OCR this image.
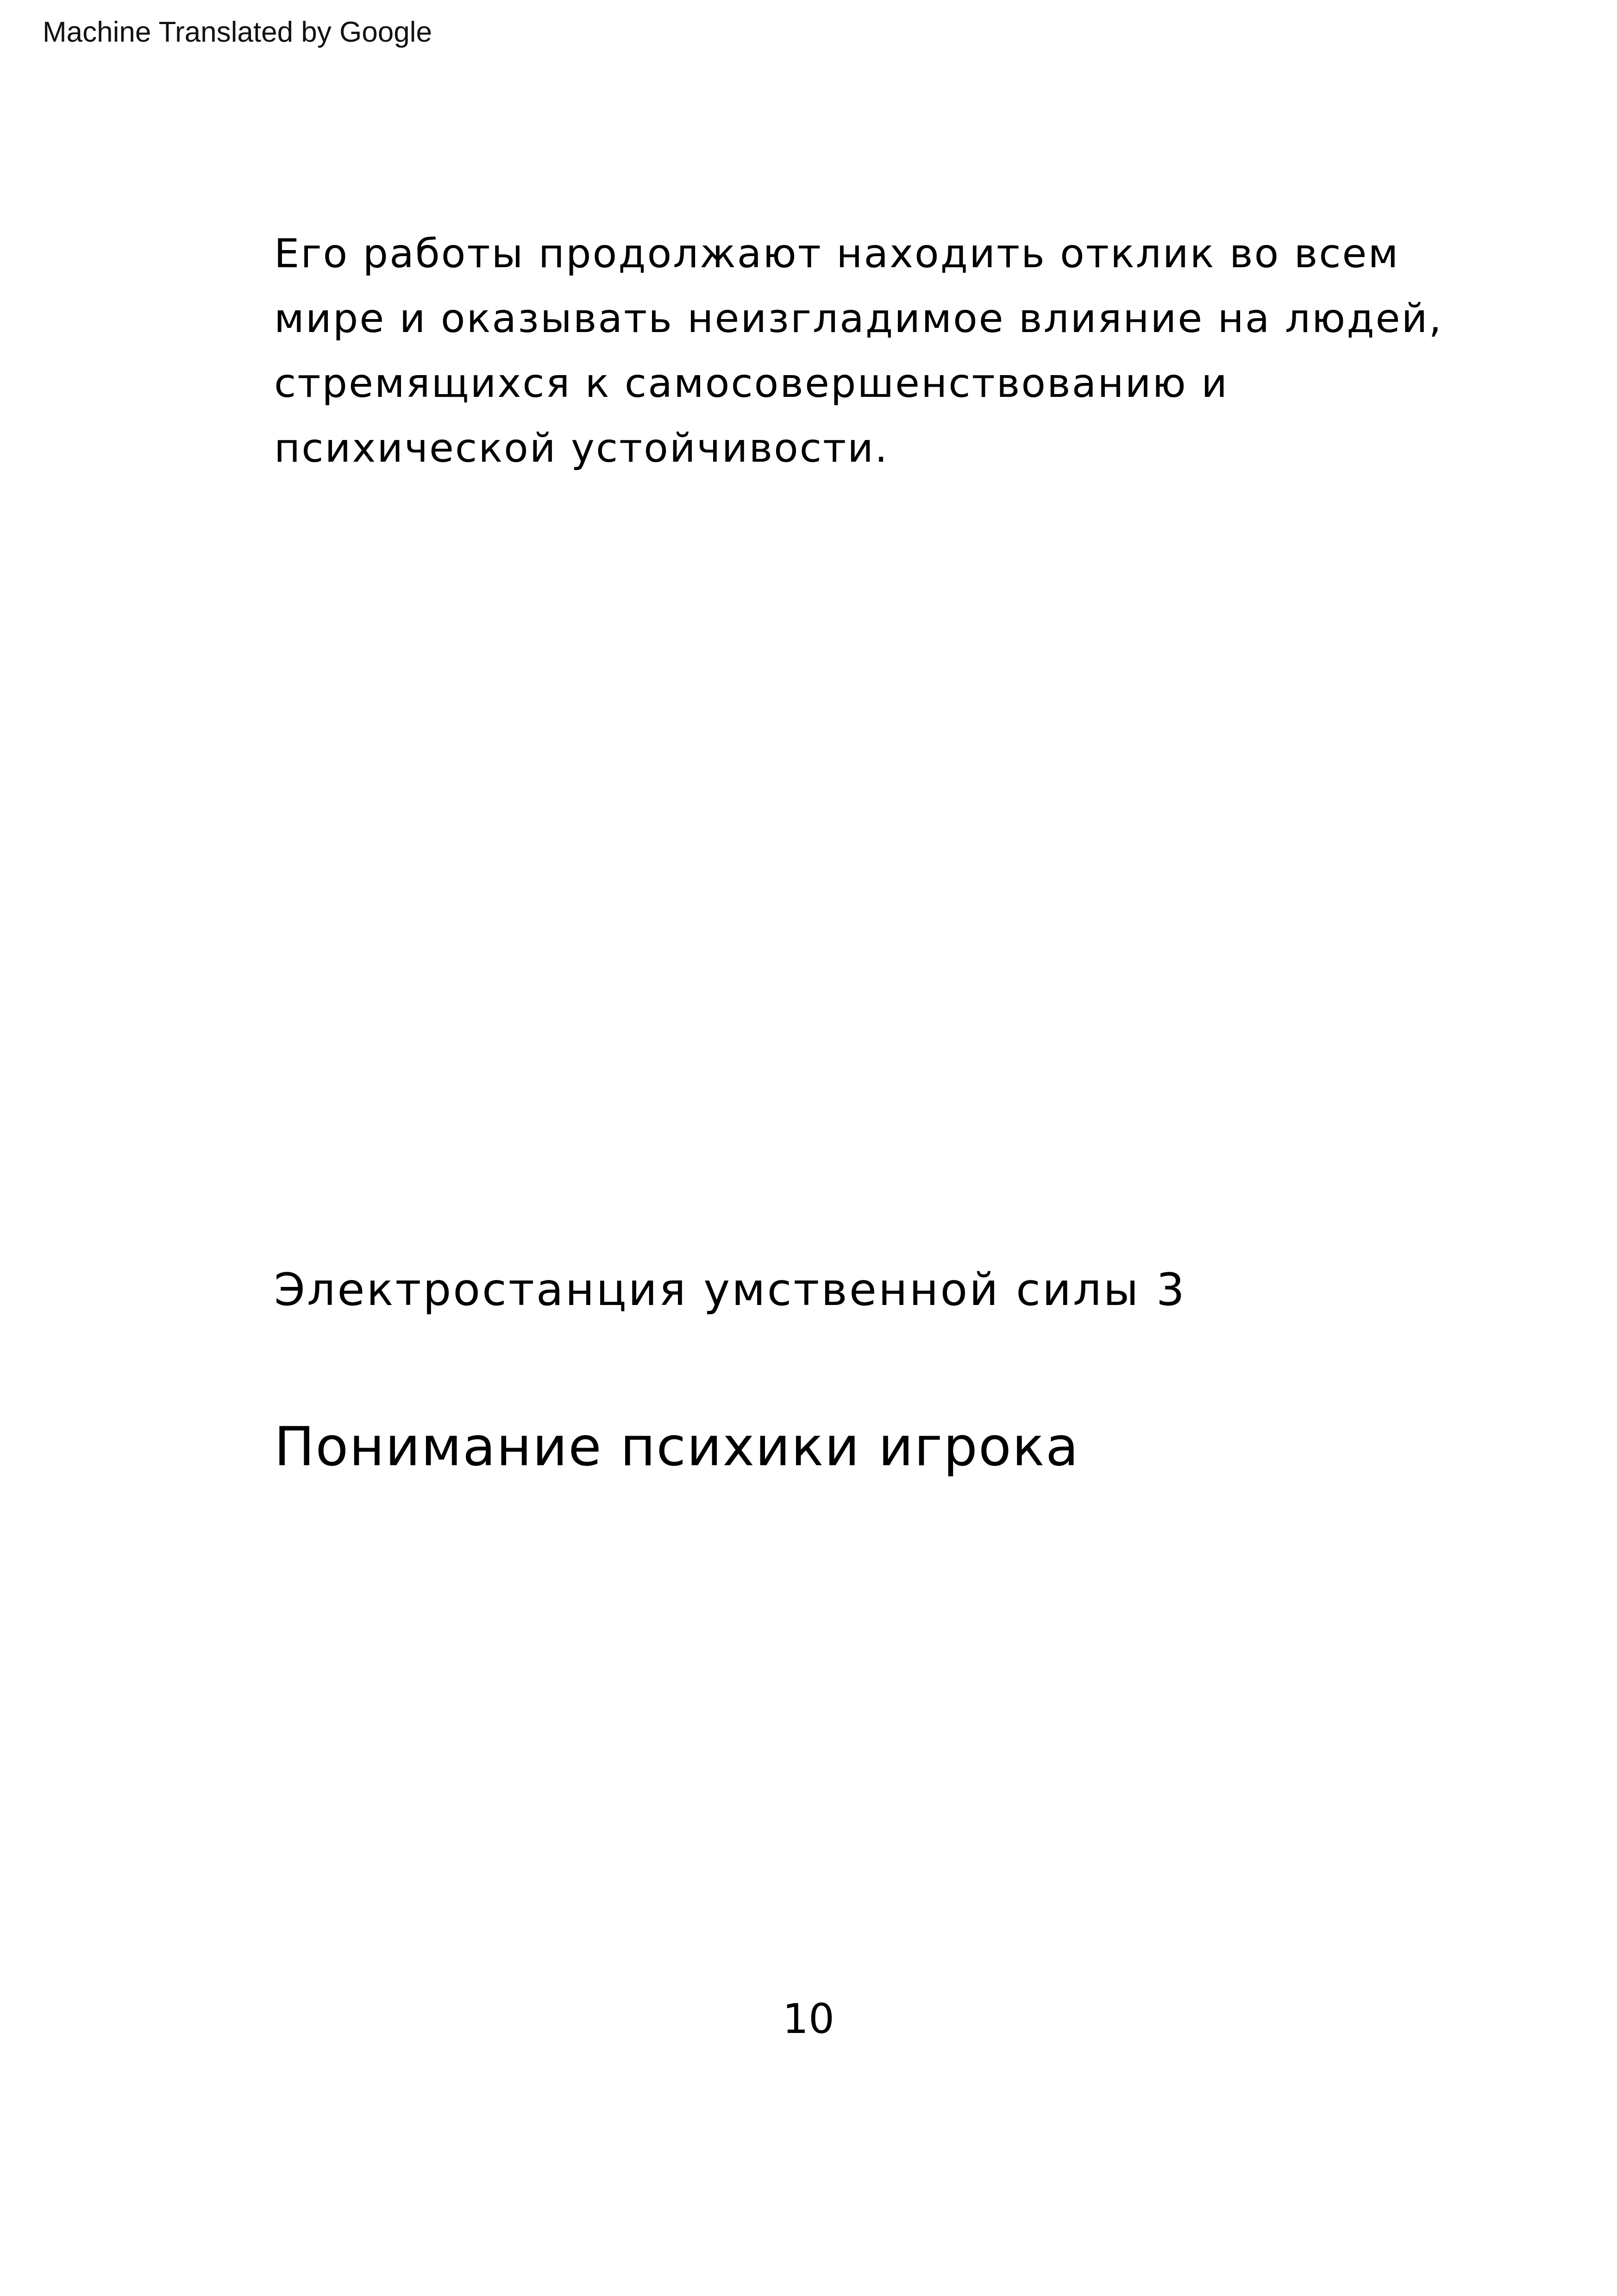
Machine Translated by Google

Его работы продолжают находить отклик во всем
мире и оказывать неизгладимое влияние на людей,
стремящихся к самосовершенствованию и
психической устойчивости.

Электростанция умственной силы 3
Понимание психики игрока
10
